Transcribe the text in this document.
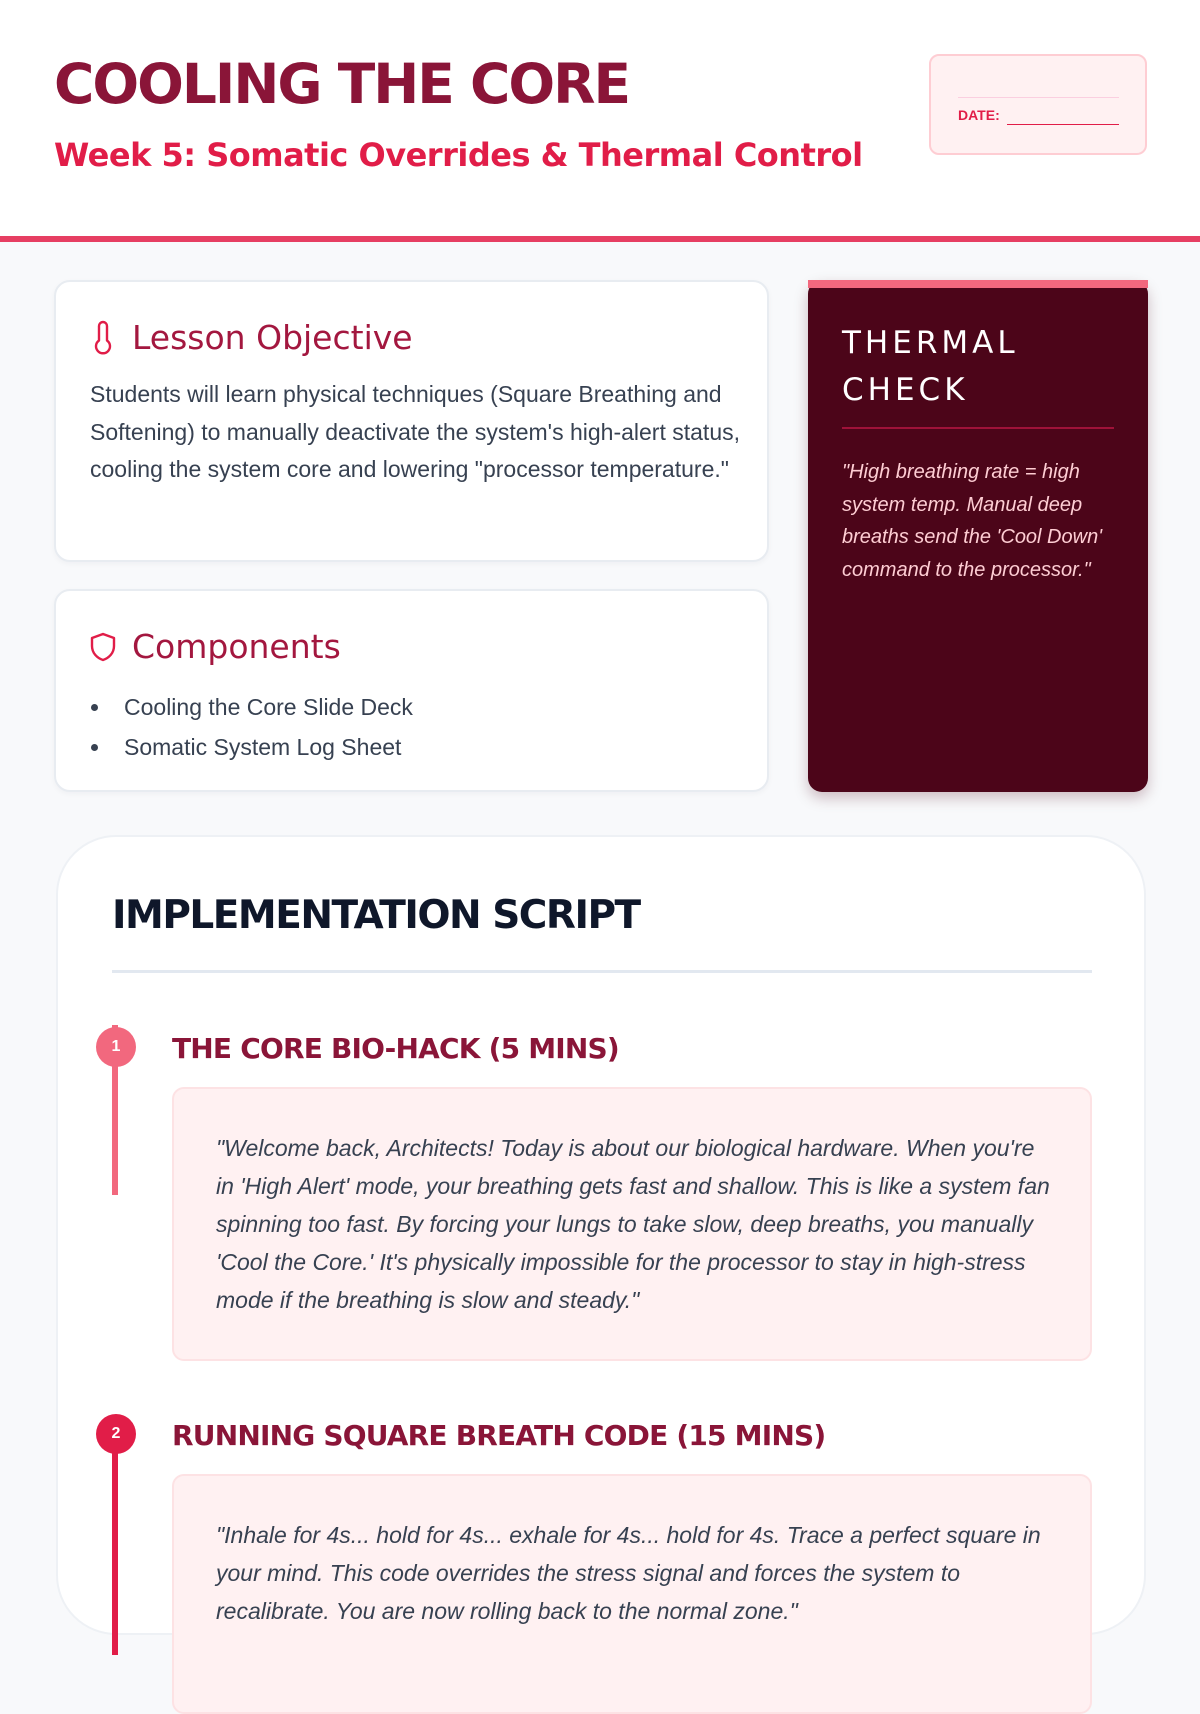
COOLING THE CORE
Week 5: Somatic Overrides & Thermal Control
DATE:
Lesson Objective

Students will learn physical techniques (Square Breathing and Softening) to manually deactivate the system's high-alert status, cooling the system core and lowering "processor temperature."

Components
Cooling the Core Slide Deck
Somatic System Log Sheet
THERMAL CHECK

"High breathing rate = high system temp. Manual deep breaths send the 'Cool Down' command to the processor."

IMPLEMENTATION SCRIPT
1	THE CORE BIO-HACK (5 MINS)

"Welcome back, Architects! Today is about our biological hardware. When you're in 'High Alert' mode, your breathing gets fast and shallow. This is like a system fan spinning too fast. By forcing your lungs to take slow, deep breaths, you manually 'Cool the Core.' It's physically impossible for the processor to stay in high-stress mode if the breathing is slow and steady."

2	RUNNING SQUARE BREATH CODE (15 MINS)

"Inhale for 4s... hold for 4s... exhale for 4s... hold for 4s. Trace a perfect square in your mind. This code overrides the stress signal and forces the system to recalibrate. You are now rolling back to the normal zone."
